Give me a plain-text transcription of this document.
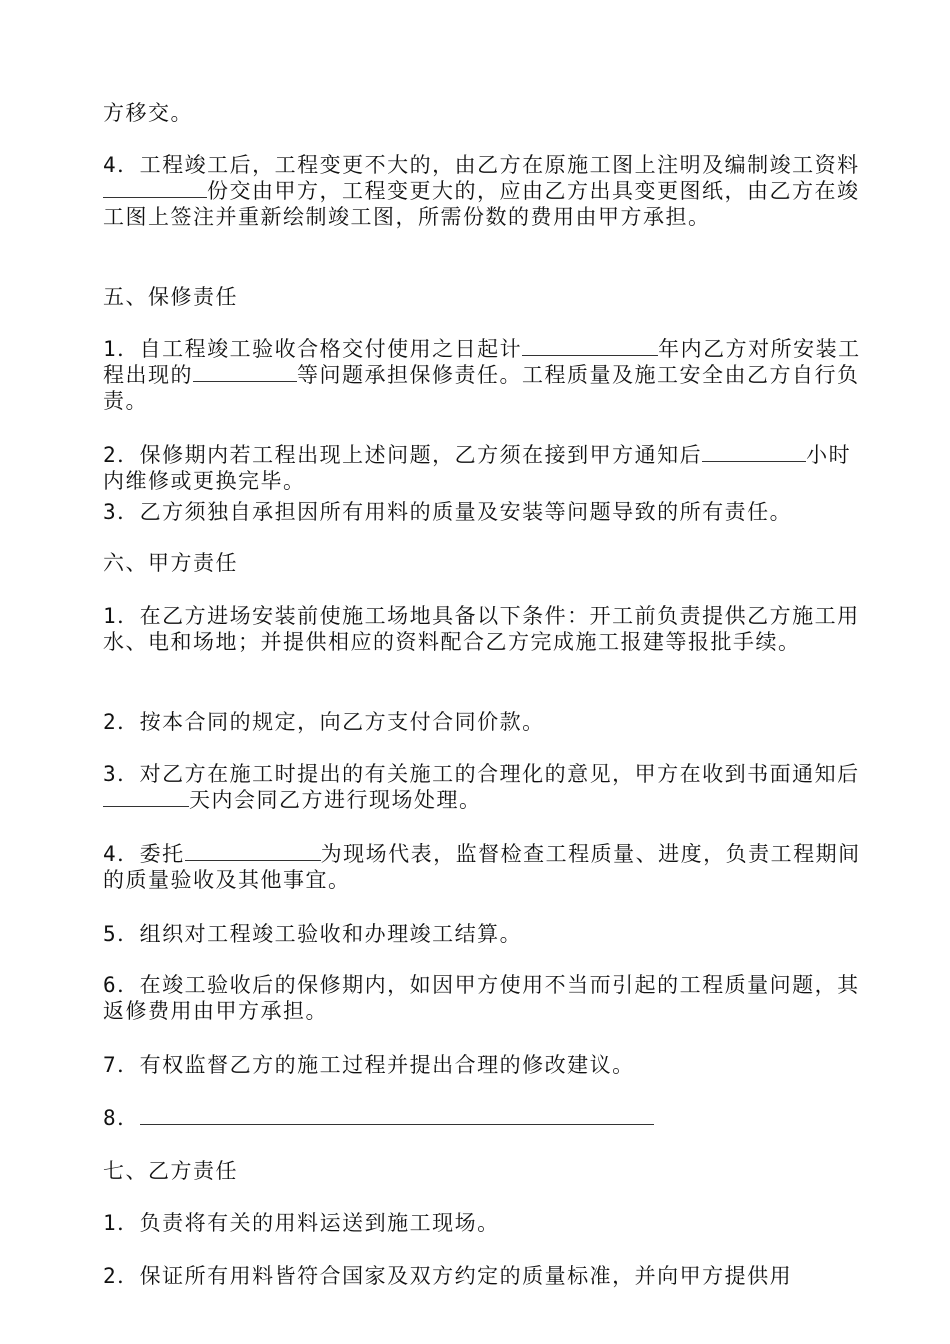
方移交。

4．工程竣工后，工程变更不大的，由乙方在原施工图上注明及编制竣工资料份交由甲方，工程变更大的，应由乙方出具变更图纸，由乙方在竣工图上签注并重新绘制竣工图，所需份数的费用由甲方承担。

五、保修责任

1．自工程竣工验收合格交付使用之日起计	年内乙方对所安装工程出现的	等问题承担保修责任。工程质量及施工安全由乙方自行负责。

2．保修期内若工程出现上述问题，乙方须在接到甲方通知后	小时内维修或更换完毕。

3．乙方须独自承担因所有用料的质量及安装等问题导致的所有责任。

六、甲方责任

1．在乙方进场安装前使施工场地具备以下条件：开工前负责提供乙方施工用水、电和场地；并提供相应的资料配合乙方完成施工报建等报批手续。

2．按本合同的规定，向乙方支付合同价款。

3．对乙方在施工时提出的有关施工的合理化的意见，甲方在收到书面通知后天内会同乙方进行现场处理。

4．委托	为现场代表，监督检查工程质量、进度，负责工程期间的质量验收及其他事宜。

5．组织对工程竣工验收和办理竣工结算。

6．在竣工验收后的保修期内，如因甲方使用不当而引起的工程质量问题，其返修费用由甲方承担。

7．有权监督乙方的施工过程并提出合理的修改建议。

8．

七、乙方责任

1．负责将有关的用料运送到施工现场。

2．保证所有用料皆符合国家及双方约定的质量标准，并向甲方提供用
